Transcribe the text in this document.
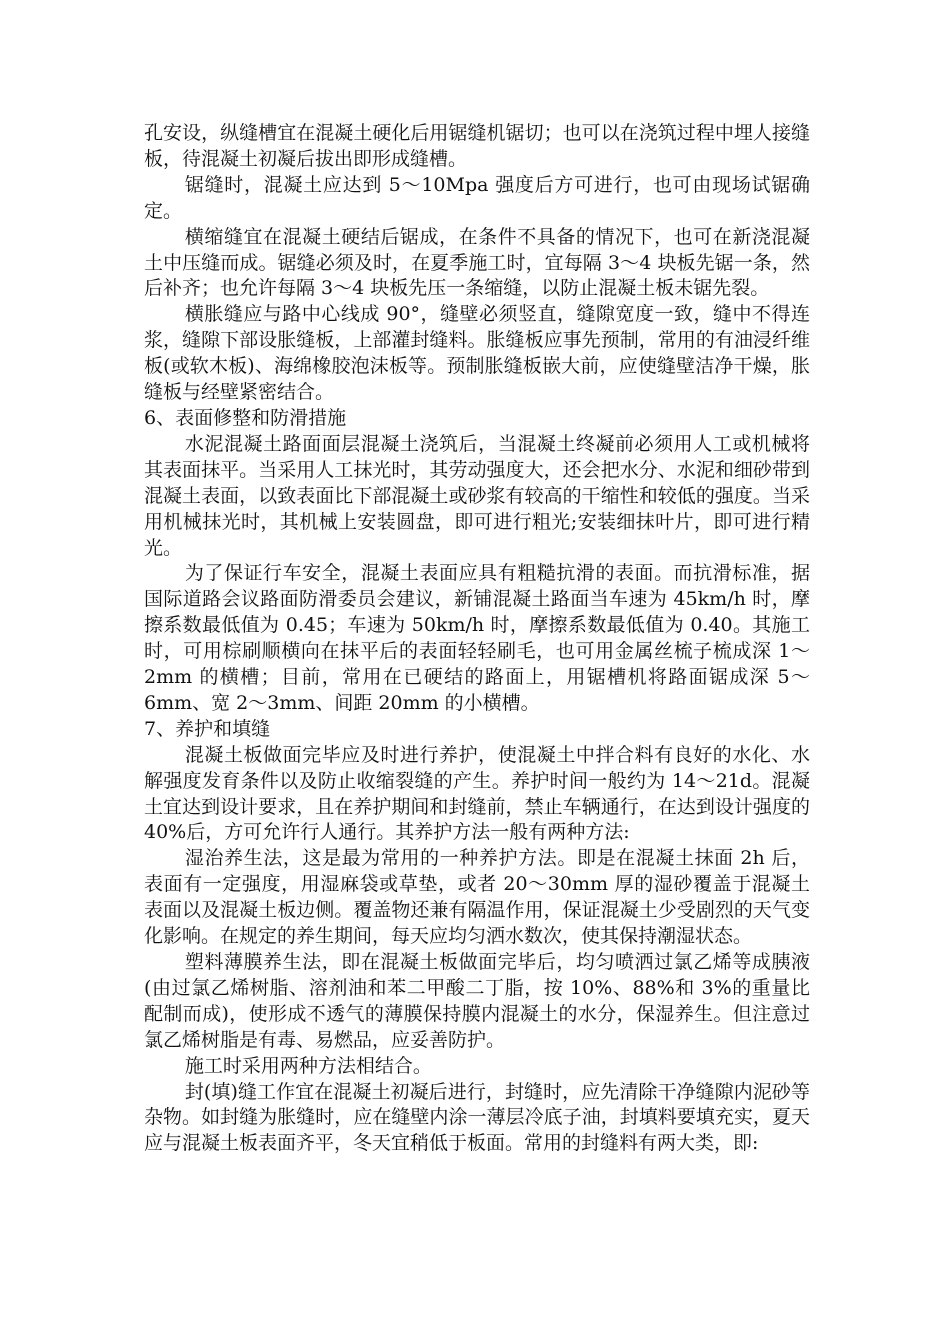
孔安设，纵缝槽宜在混凝土硬化后用锯缝机锯切；也可以在浇筑过程中埋人接缝板，待混凝土初凝后拔出即形成缝槽。

锯缝时，混凝土应达到 5～10Mpa 强度后方可进行，也可由现场试锯确定。

横缩缝宜在混凝土硬结后锯成，在条件不具备的情况下，也可在新浇混凝土中压缝而成。锯缝必须及时，在夏季施工时，宜每隔 3～4 块板先锯一条，然后补齐；也允许每隔 3～4 块板先压一条缩缝，以防止混凝土板未锯先裂。

横胀缝应与路中心线成 90°，缝壁必须竖直，缝隙宽度一致，缝中不得连浆，缝隙下部设胀缝板，上部灌封缝料。胀缝板应事先预制，常用的有油浸纤维板(或软木板)、海绵橡胶泡沫板等。预制胀缝板嵌大前，应使缝壁洁净干燥，胀缝板与经壁紧密结合。

6、表面修整和防滑措施

水泥混凝土路面面层混凝土浇筑后，当混凝土终凝前必须用人工或机械将其表面抹平。当采用人工抹光时，其劳动强度大，还会把水分、水泥和细砂带到混凝土表面，以致表面比下部混凝土或砂浆有较高的干缩性和较低的强度。当采用机械抹光时，其机械上安装圆盘，即可进行粗光;安装细抹叶片，即可进行精光。

为了保证行车安全，混凝土表面应具有粗糙抗滑的表面。而抗滑标准，据国际道路会议路面防滑委员会建议，新铺混凝土路面当车速为 45km/h 时，摩擦系数最低值为 0.45；车速为 50km/h 时，摩擦系数最低值为 0.40。其施工时，可用棕刷顺横向在抹平后的表面轻轻刷毛，也可用金属丝梳子梳成深 1～2mm 的横槽；目前，常用在已硬结的路面上，用锯槽机将路面锯成深 5～6mm、宽 2～3mm、间距 20mm 的小横槽。

7、养护和填缝

混凝土板做面完毕应及时进行养护，使混凝土中拌合料有良好的水化、水解强度发育条件以及防止收缩裂缝的产生。养护时间一般约为 14～21d。混凝土宜达到设计要求，且在养护期间和封缝前，禁止车辆通行，在达到设计强度的 40%后，方可允许行人通行。其养护方法一般有两种方法:

湿治养生法，这是最为常用的一种养护方法。即是在混凝土抹面 2h 后，表面有一定强度，用湿麻袋或草垫，或者 20～30mm 厚的湿砂覆盖于混凝土表面以及混凝土板边侧。覆盖物还兼有隔温作用，保证混凝土少受剧烈的天气变化影响。在规定的养生期间，每天应均匀洒水数次，使其保持潮湿状态。

塑料薄膜养生法，即在混凝土板做面完毕后，均匀喷洒过氯乙烯等成胰液(由过氯乙烯树脂、溶剂油和苯二甲酸二丁脂，按 10%、88%和 3%的重量比配制而成)，使形成不透气的薄膜保持膜内混凝土的水分，保湿养生。但注意过氯乙烯树脂是有毒、易燃品，应妥善防护。

施工时采用两种方法相结合。

封(填)缝工作宜在混凝土初凝后进行，封缝时，应先清除干净缝隙内泥砂等杂物。如封缝为胀缝时，应在缝壁内涂一薄层冷底子油，封填料要填充实，夏天应与混凝土板表面齐平，冬天宜稍低于板面。常用的封缝料有两大类，即:
